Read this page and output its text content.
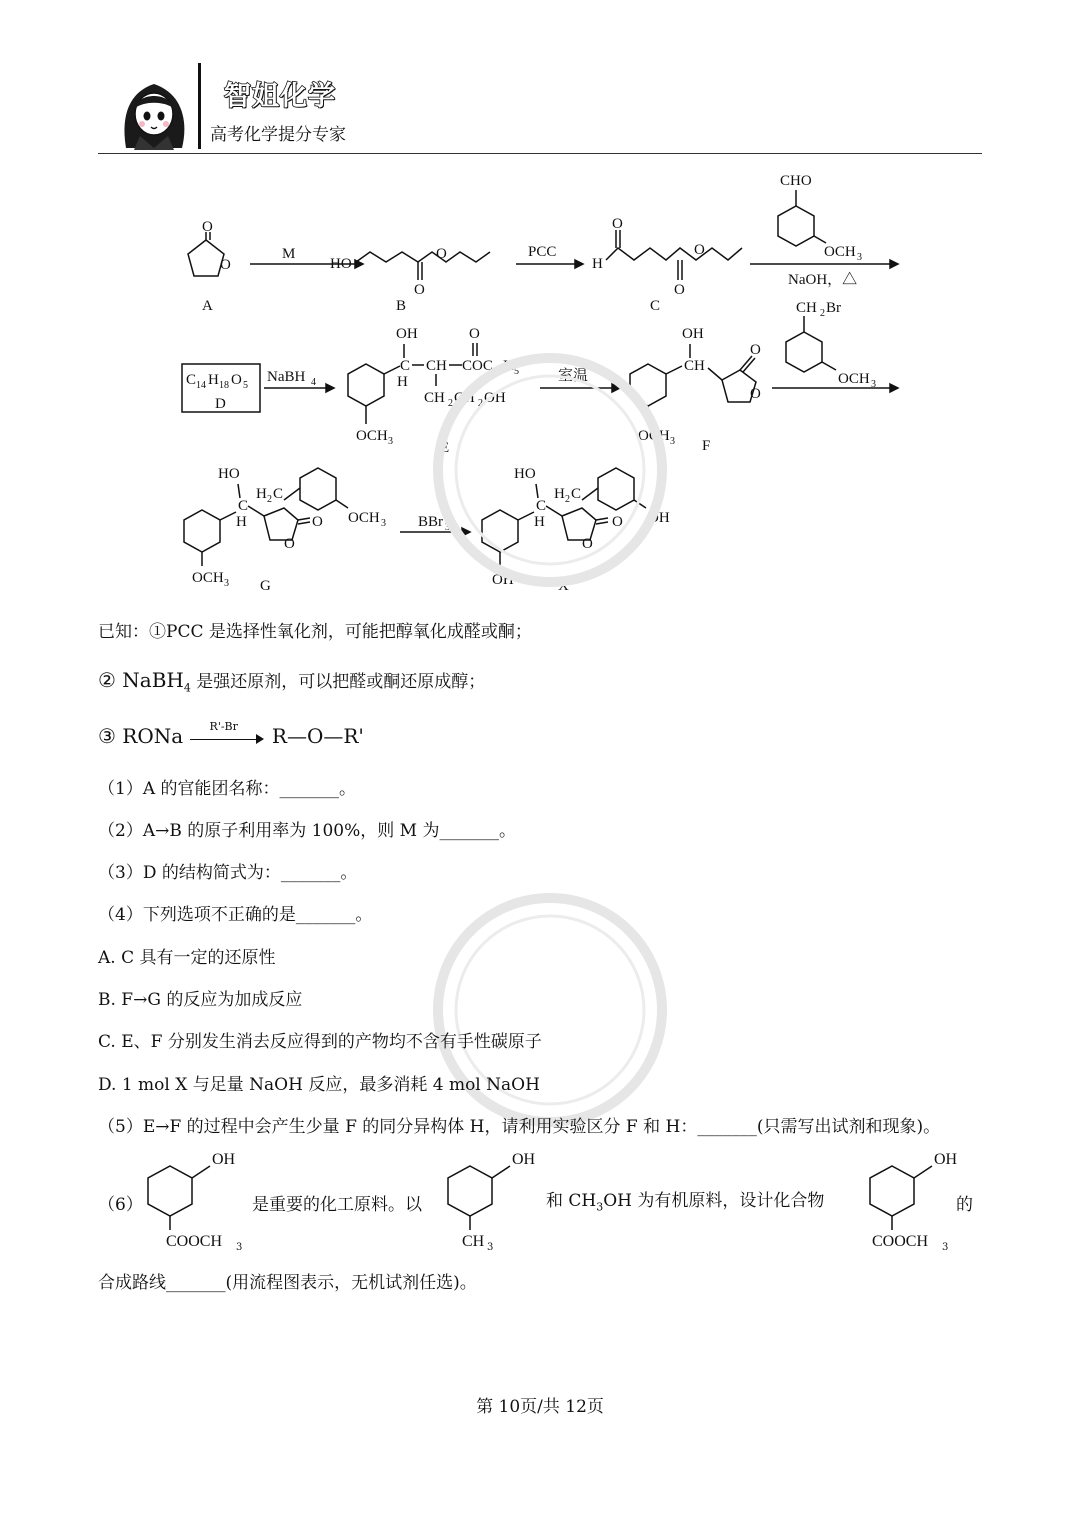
智姐化学
高考化学提分专家
O
O
A
M
HO
O
O
B
PCC
H
O
O
O
C
CHO
OCH 3
NaOH，△
C 14 H 18 O 5
D
NaBH 4
OH
C
H
CH COC 2 H 5
O
CH 2 CH 2 OH
OCH 3	E
室温
OH
CH
O
O
OCH 3 F
CH 2 Br
OCH 3
HO
C
H	O
O
H 2 C
OCH 3
OCH 3 G
BBr 3
HO
C
H	O
O
H 2 C
OH
OH	X
已知：①PCC 是选择性氧化剂，可能把醇氧化成醛或酮；
② NaBH$_4$ 是强还原剂，可以把醛或酮还原成醇；
③ RONa R'-Br R—O—R'
（1）A 的官能团名称：_______。
（2）A→B 的原子利用率为 100%，则 M 为_______。
（3）D 的结构简式为：_______。
（4）下列选项不正确的是_______。
A. C 具有一定的还原性
B. F→G 的反应为加成反应
C. E、F 分别发生消去反应得到的产物均不含有手性碳原子
D. 1 mol X 与足量 NaOH 反应，最多消耗 4 mol NaOH
（5）E→F 的过程中会产生少量 F 的同分异构体 H，请利用实验区分 F 和 H：_______(只需写出试剂和现象)。
（6）
OH
COOCH 3
是重要的化工原料。以
OH
CH 3
和 $CH_3OH$ 为有机原料，设计化合物
OH
COOCH 3
的
合成路线_______(用流程图表示，无机试剂任选)。
第 10页/共 12页
